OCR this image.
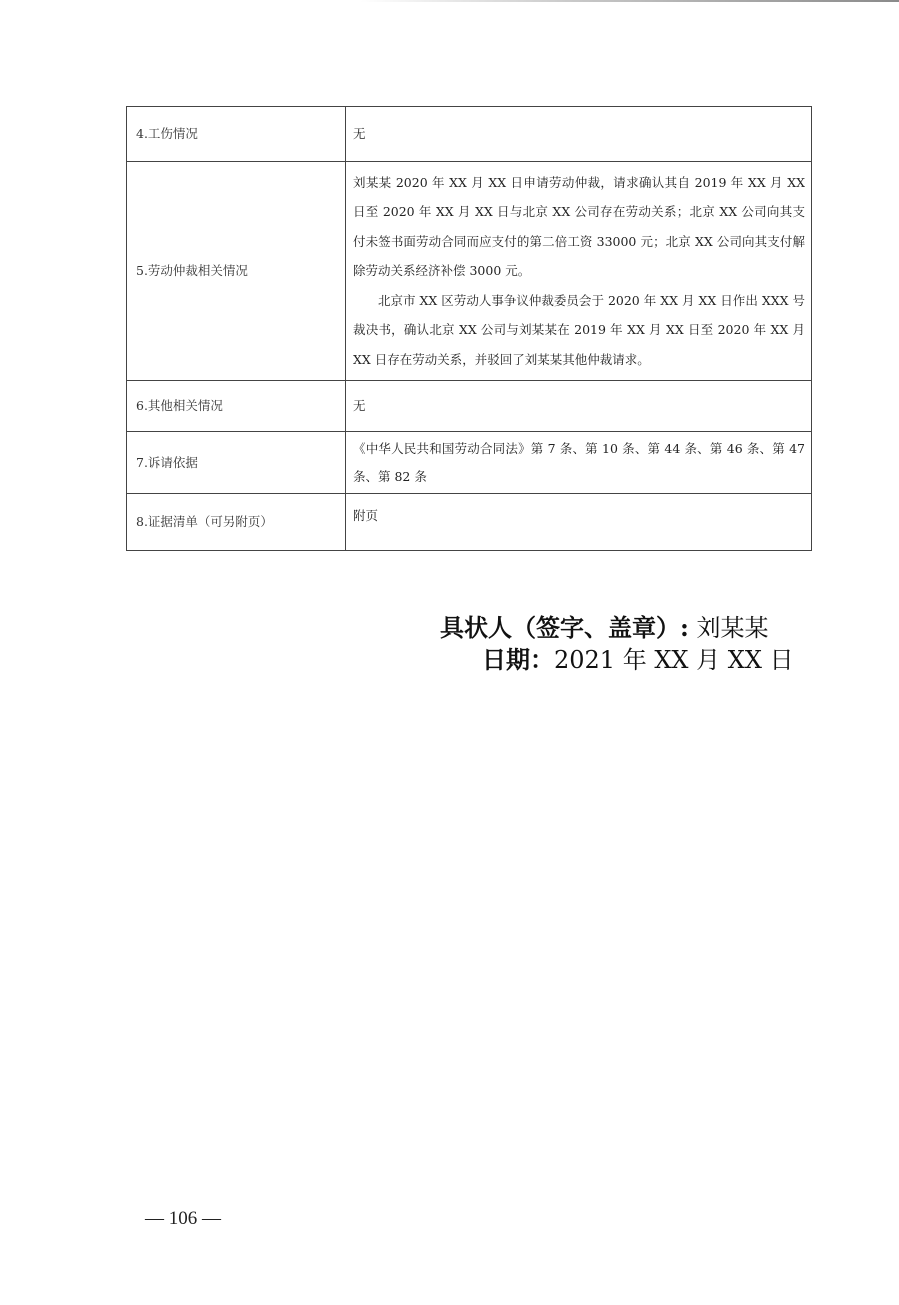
4.工伤情况	无

5.劳动仲裁相关情况	刘某某 2020 年 XX 月 XX 日申请劳动仲裁，请求确认其自 2019 年 XX 月 XX 日至 2020 年 XX 月 XX 日与北京 XX 公司存在劳动关系；北京 XX 公司向其支付未签书面劳动合同而应支付的第二倍工资 33000 元；北京 XX 公司向其支付解除劳动关系经济补偿 3000 元。

北京市 XX 区劳动人事争议仲裁委员会于 2020 年 XX 月 XX 日作出 XXX 号裁决书，确认北京 XX 公司与刘某某在 2019 年 XX 月 XX 日至 2020 年 XX 月 XX 日存在劳动关系，并驳回了刘某某其他仲裁请求。

6.其他相关情况	无

7.诉请依据	《中华人民共和国劳动合同法》第 7 条、第 10 条、第 44 条、第 46 条、第 47 条、第 82 条

8.证据清单（可另附页）	附页

具状人（签字、盖章）: 刘某某
日期：2021 年 XX 月 XX 日
— 106 —
